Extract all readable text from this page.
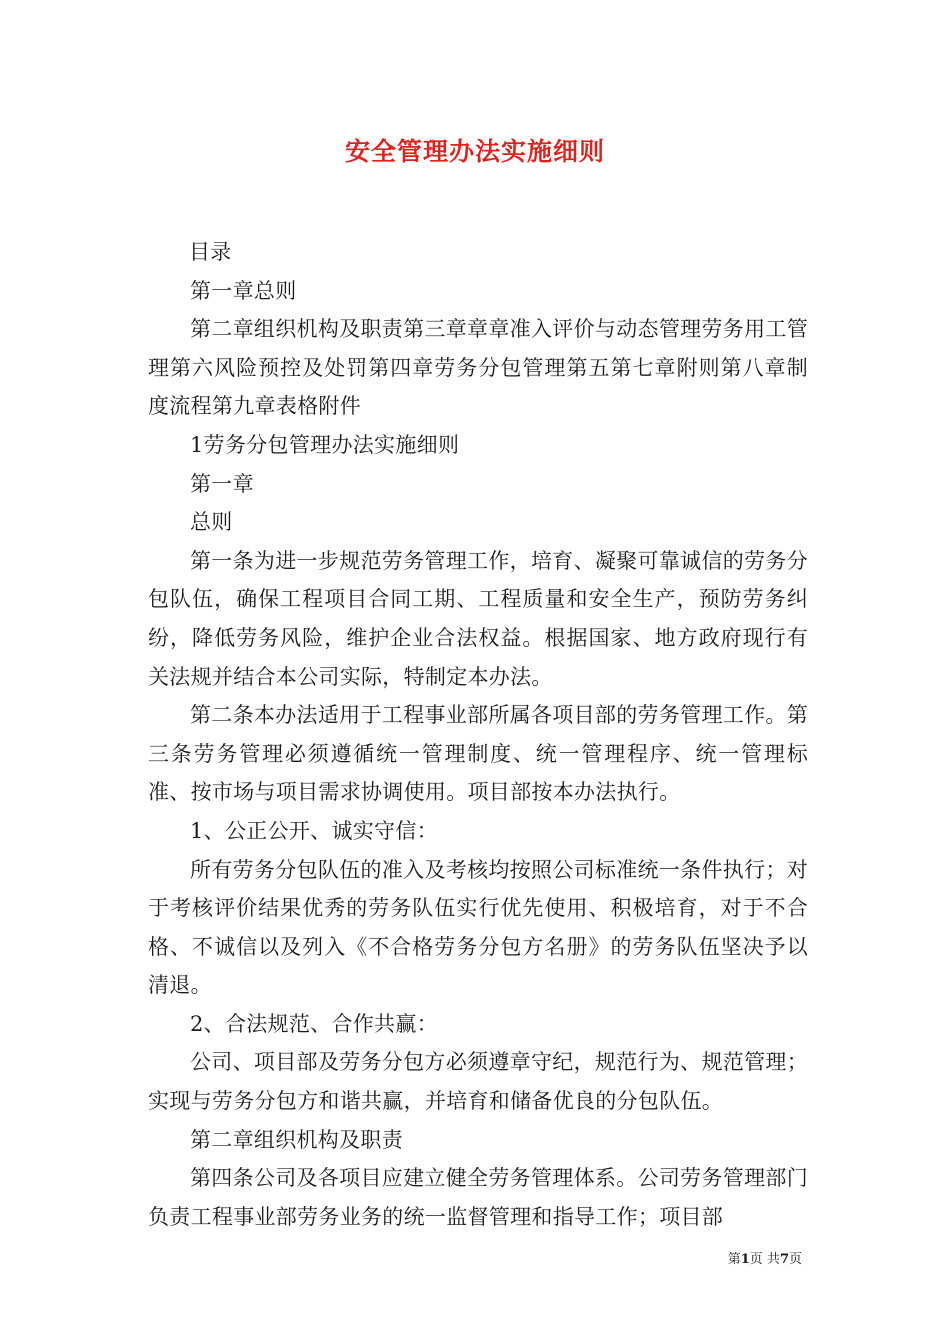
安全管理办法实施细则

目录

第一章总则

第二章组织机构及职责第三章章章准入评价与动态管理劳务用工管理第六风险预控及处罚第四章劳务分包管理第五第七章附则第八章制度流程第九章表格附件

1劳务分包管理办法实施细则

第一章

总则

第一条为进一步规范劳务管理工作，培育、凝聚可靠诚信的劳务分包队伍，确保工程项目合同工期、工程质量和安全生产，预防劳务纠纷，降低劳务风险，维护企业合法权益。根据国家、地方政府现行有关法规并结合本公司实际，特制定本办法。

第二条本办法适用于工程事业部所属各项目部的劳务管理工作。第三条劳务管理必须遵循统一管理制度、统一管理程序、统一管理标准、按市场与项目需求协调使用。项目部按本办法执行。

1、公正公开、诚实守信：

所有劳务分包队伍的准入及考核均按照公司标准统一条件执行；对于考核评价结果优秀的劳务队伍实行优先使用、积极培育，对于不合格、不诚信以及列入《不合格劳务分包方名册》的劳务队伍坚决予以清退。

2、合法规范、合作共赢：

公司、项目部及劳务分包方必须遵章守纪，规范行为、规范管理；实现与劳务分包方和谐共赢，并培育和储备优良的分包队伍。

第二章组织机构及职责

第四条公司及各项目应建立健全劳务管理体系。公司劳务管理部门负责工程事业部劳务业务的统一监督管理和指导工作；项目部

第1页 共7页
